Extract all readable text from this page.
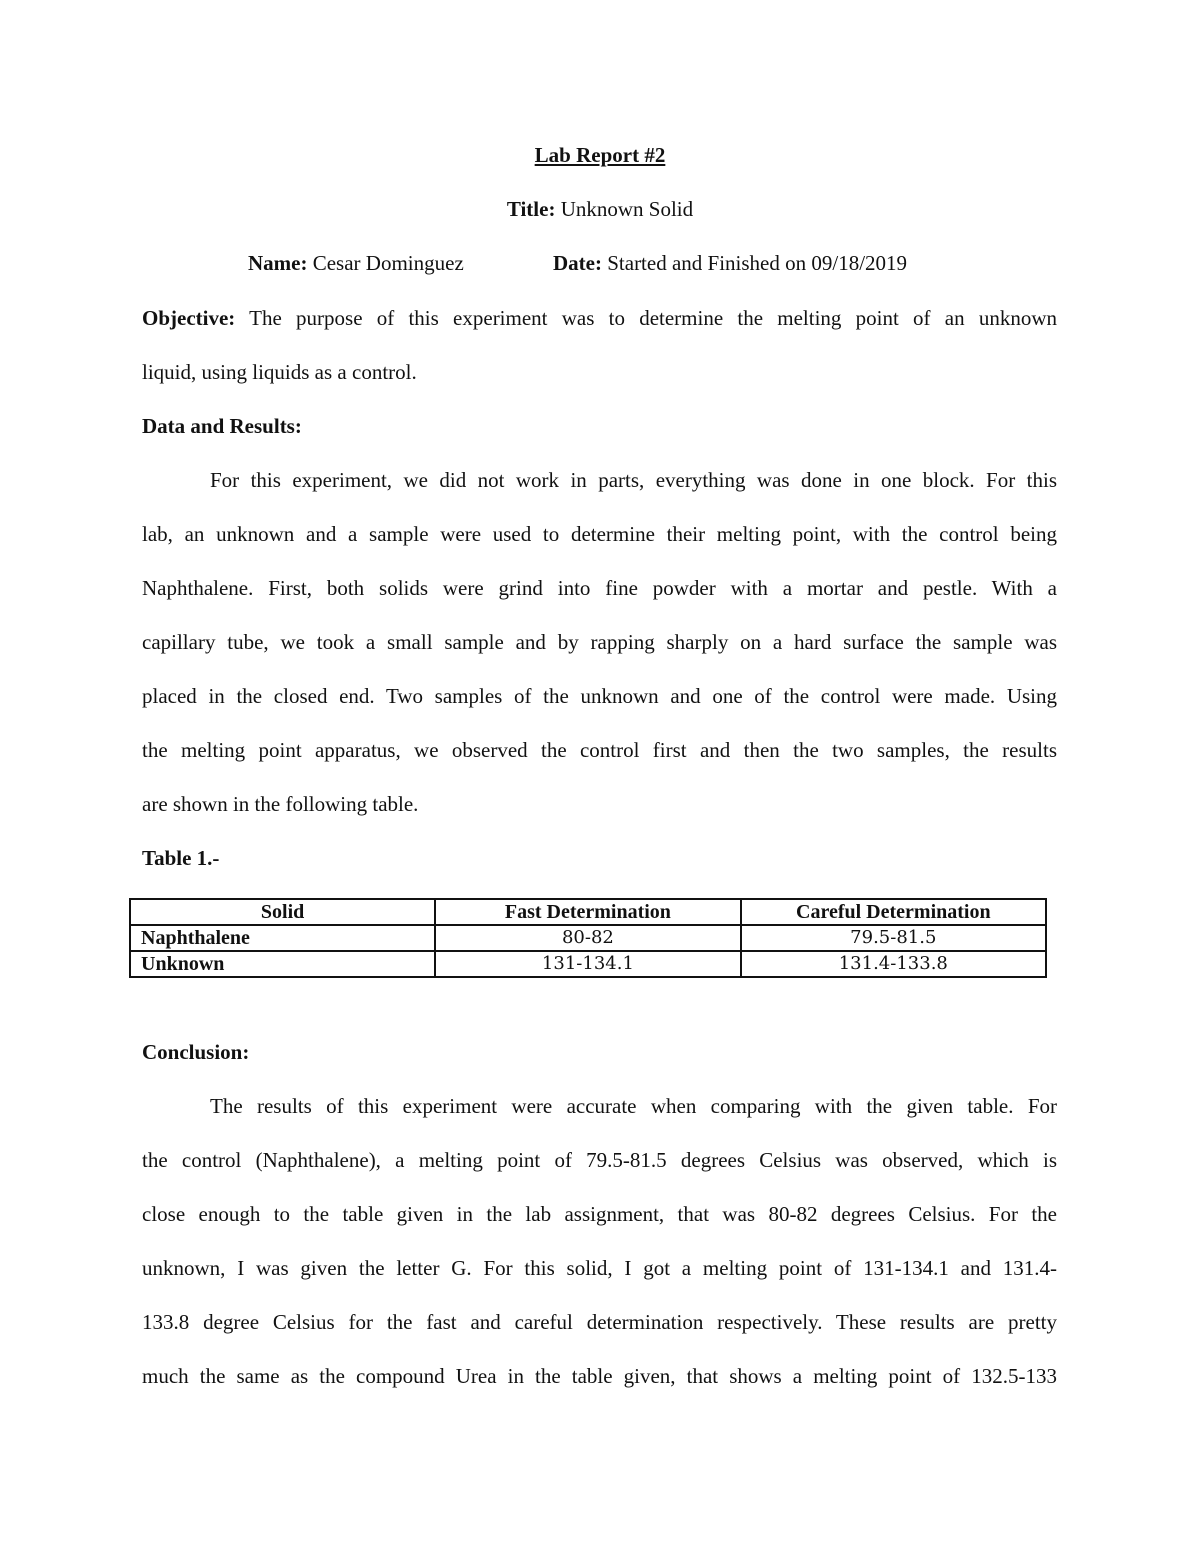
Lab Report #2
Title: Unknown Solid
Name: Cesar Dominguez	Date: Started and Finished on 09/18/2019
Objective: The purpose of this experiment was to determine the melting point of an unknown
liquid, using liquids as a control.
Data and Results:
For this experiment, we did not work in parts, everything was done in one block. For this
lab, an unknown and a sample were used to determine their melting point, with the control being
Naphthalene. First, both solids were grind into fine powder with a mortar and pestle. With a
capillary tube, we took a small sample and by rapping sharply on a hard surface the sample was
placed in the closed end. Two samples of the unknown and one of the control were made. Using
the melting point apparatus, we observed the control first and then the two samples, the results
are shown in the following table.
Table 1.-
Solid	Fast Determination	Careful Determination
Naphthalene	80-82	79.5-81.5
Unknown	131-134.1	131.4-133.8
Conclusion:
The results of this experiment were accurate when comparing with the given table. For
the control (Naphthalene), a melting point of 79.5-81.5 degrees Celsius was observed, which is
close enough to the table given in the lab assignment, that was 80-82 degrees Celsius. For the
unknown, I was given the letter G. For this solid, I got a melting point of 131-134.1 and 131.4-
133.8 degree Celsius for the fast and careful determination respectively. These results are pretty
much the same as the compound Urea in the table given, that shows a melting point of 132.5-133
